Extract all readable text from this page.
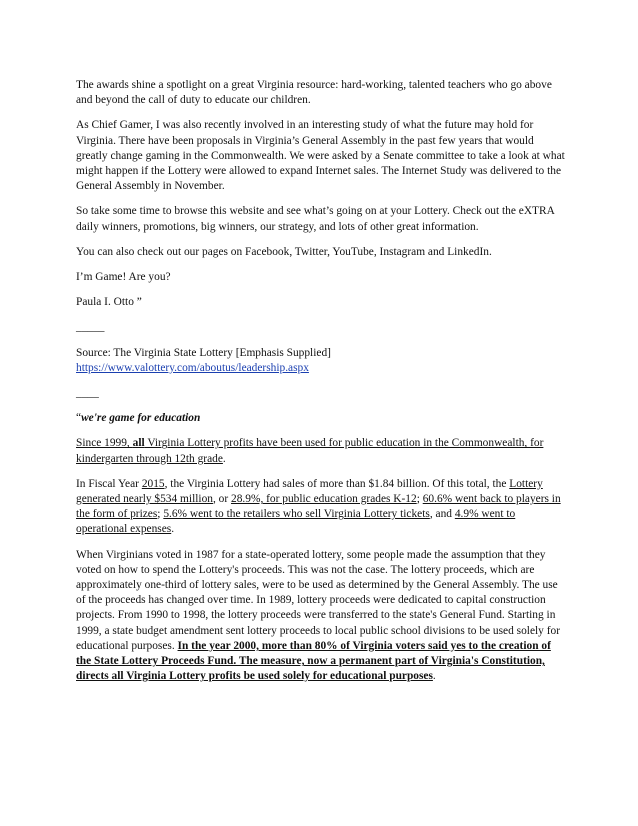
The awards shine a spotlight on a great Virginia resource: hard-working, talented teachers who go above and beyond the call of duty to educate our children.

As Chief Gamer, I was also recently involved in an interesting study of what the future may hold for Virginia. There have been proposals in Virginia’s General Assembly in the past few years that would greatly change gaming in the Commonwealth. We were asked by a Senate committee to take a look at what might happen if the Lottery were allowed to expand Internet sales. The Internet Study was delivered to the General Assembly in November.

So take some time to browse this website and see what’s going on at your Lottery. Check out the eXTRA daily winners, promotions, big winners, our strategy, and lots of other great information.

You can also check out our pages on Facebook, Twitter, YouTube, Instagram and LinkedIn.

I’m Game! Are you?

Paula I. Otto ”

_____

Source: The Virginia State Lottery [Emphasis Supplied]
https://www.valottery.com/aboutus/leadership.aspx

____

“we're game for education

Since 1999, all Virginia Lottery profits have been used for public education in the Commonwealth, for kindergarten through 12th grade.

In Fiscal Year 2015, the Virginia Lottery had sales of more than $1.84 billion. Of this total, the Lottery generated nearly $534 million, or 28.9%, for public education grades K-12; 60.6% went back to players in the form of prizes; 5.6% went to the retailers who sell Virginia Lottery tickets, and 4.9% went to operational expenses.

When Virginians voted in 1987 for a state-operated lottery, some people made the assumption that they voted on how to spend the Lottery's proceeds. This was not the case. The lottery proceeds, which are approximately one-third of lottery sales, were to be used as determined by the General Assembly. The use of the proceeds has changed over time. In 1989, lottery proceeds were dedicated to capital construction projects. From 1990 to 1998, the lottery proceeds were transferred to the state's General Fund. Starting in 1999, a state budget amendment sent lottery proceeds to local public school divisions to be used solely for educational purposes. In the year 2000, more than 80% of Virginia voters said yes to the creation of the State Lottery Proceeds Fund. The measure, now a permanent part of Virginia's Constitution, directs all Virginia Lottery profits be used solely for educational purposes.
